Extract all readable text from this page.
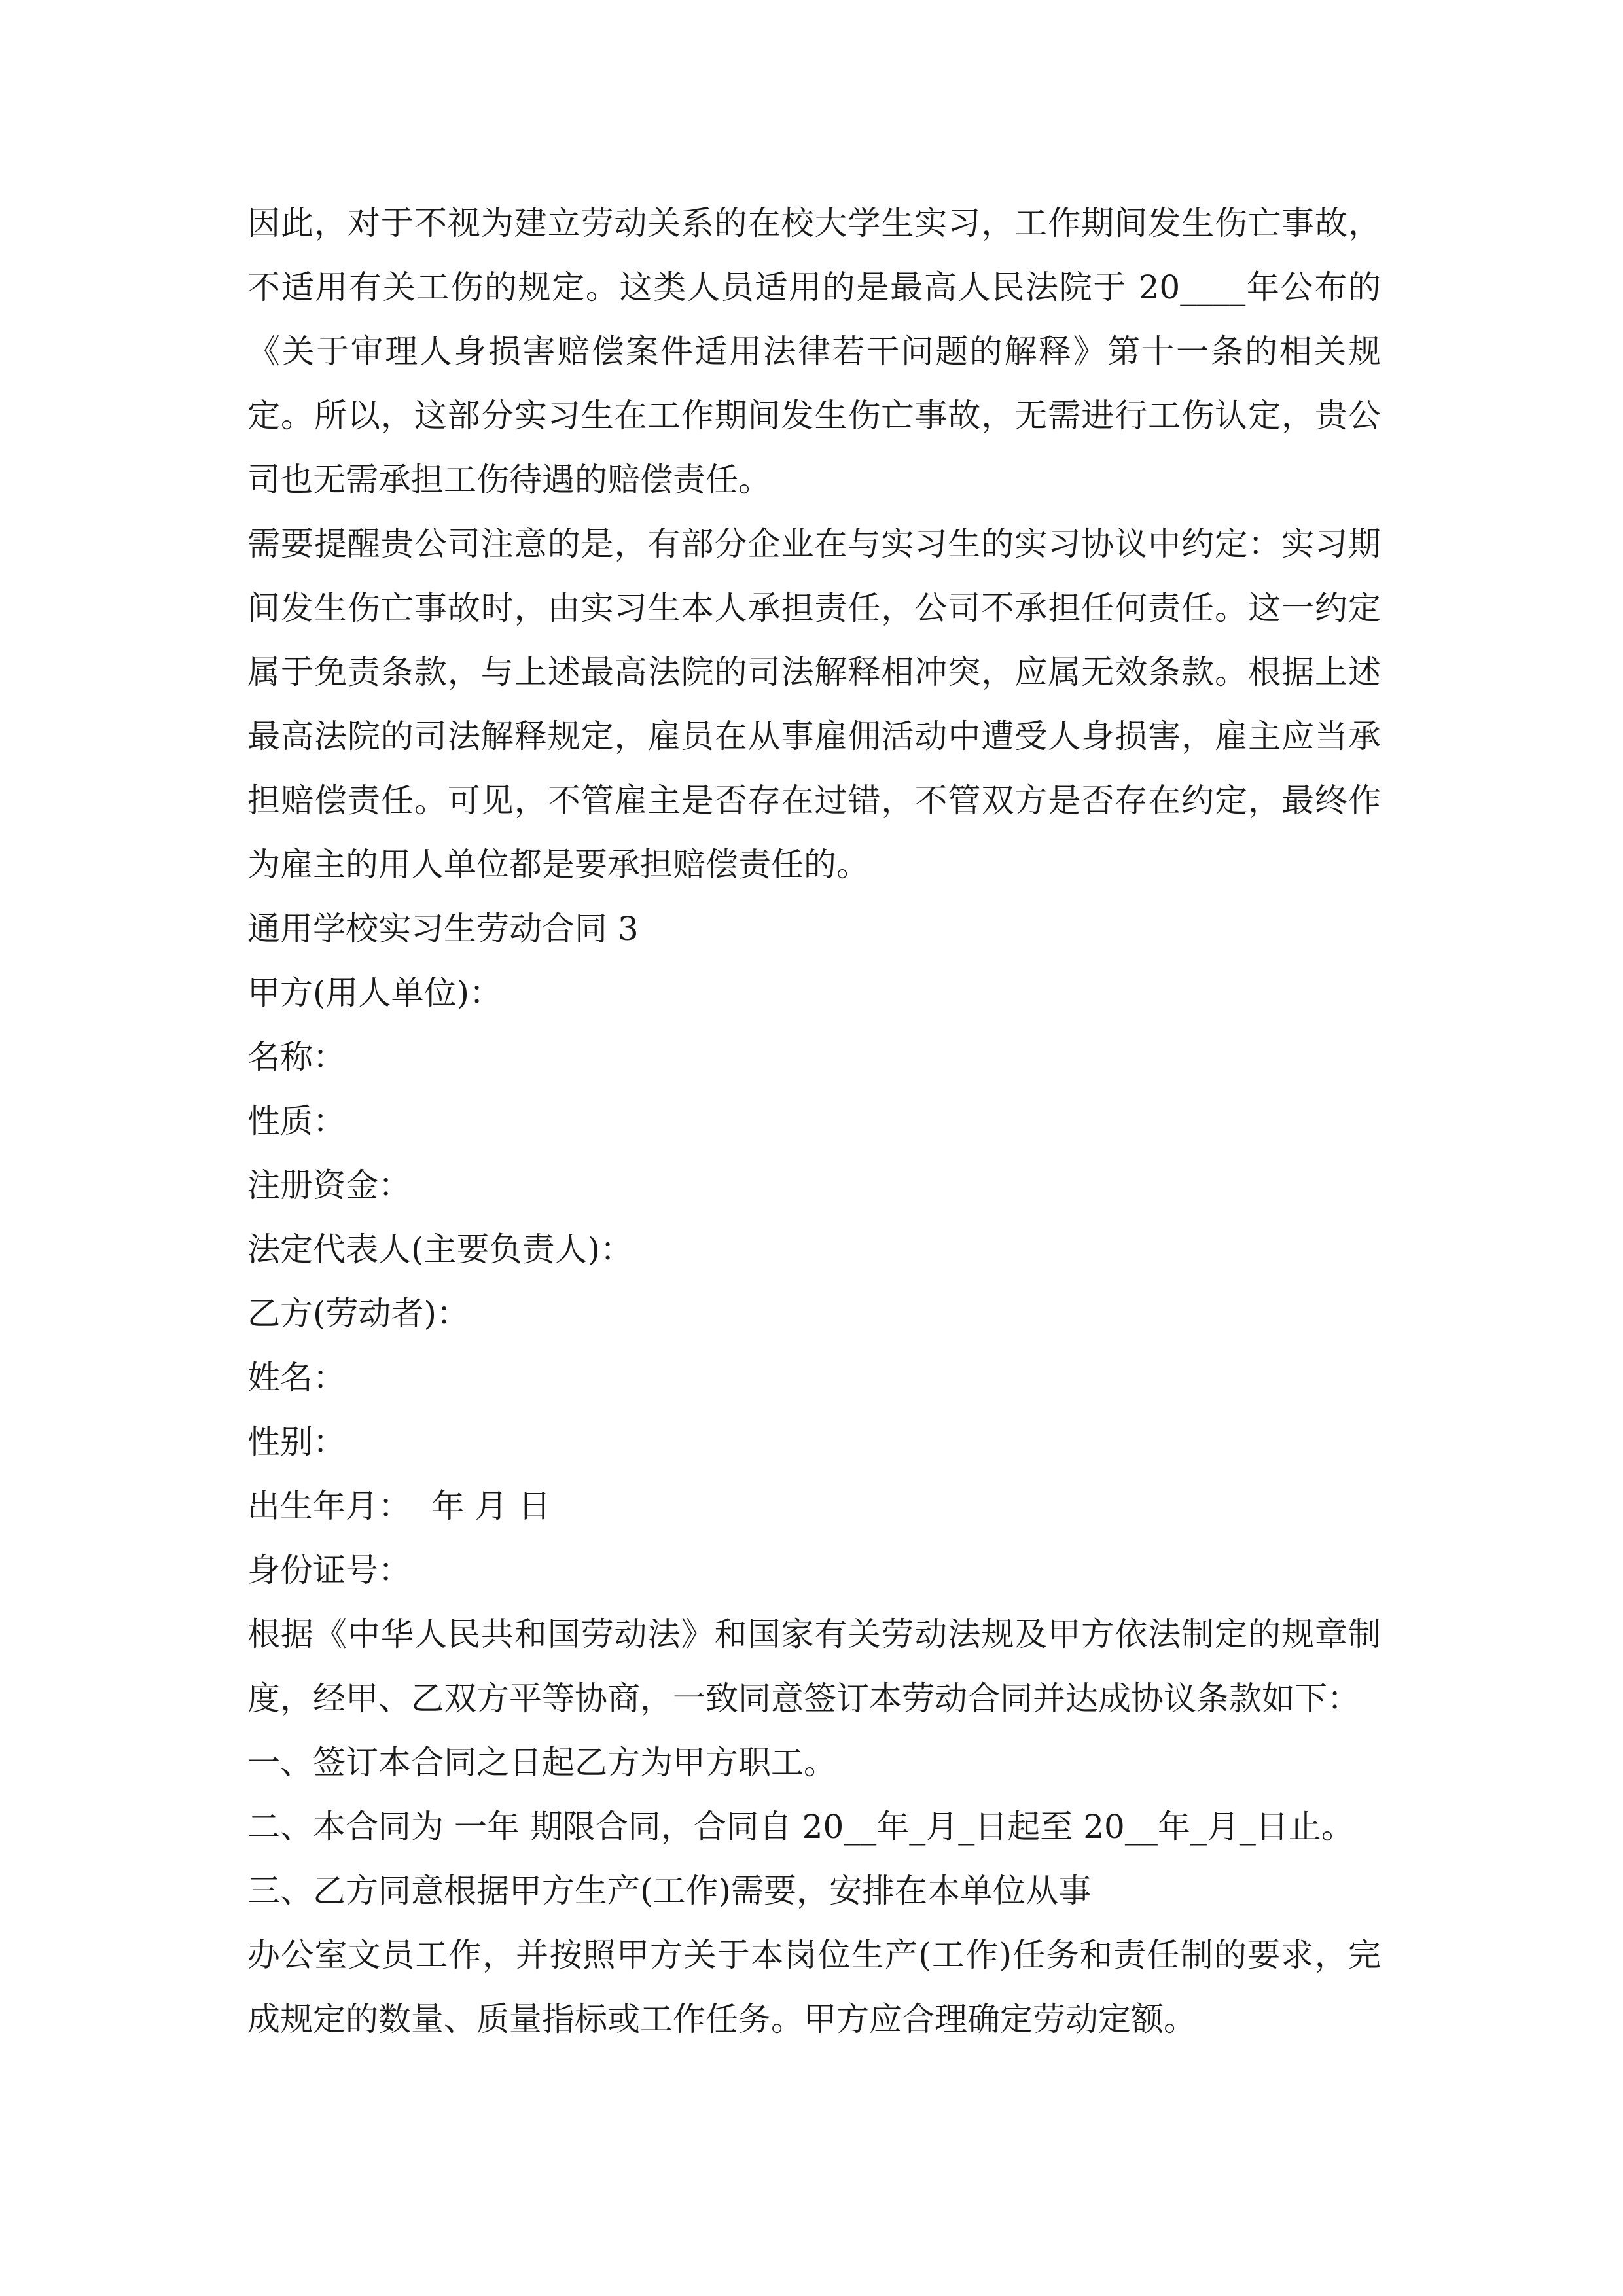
因此，对于不视为建立劳动关系的在校大学生实习，工作期间发生伤亡事故，不适用有关工伤的规定。这类人员适用的是最高人民法院于 20____年公布的《关于审理人身损害赔偿案件适用法律若干问题的解释》第十一条的相关规定。所以，这部分实习生在工作期间发生伤亡事故，无需进行工伤认定，贵公司也无需承担工伤待遇的赔偿责任。

需要提醒贵公司注意的是，有部分企业在与实习生的实习协议中约定：实习期间发生伤亡事故时，由实习生本人承担责任，公司不承担任何责任。这一约定属于免责条款，与上述最高法院的司法解释相冲突，应属无效条款。根据上述最高法院的司法解释规定，雇员在从事雇佣活动中遭受人身损害，雇主应当承担赔偿责任。可见，不管雇主是否存在过错，不管双方是否存在约定，最终作为雇主的用人单位都是要承担赔偿责任的。

通用学校实习生劳动合同 3

甲方(用人单位)：

名称：

性质：

注册资金：

法定代表人(主要负责人)：

乙方(劳动者)：

姓名：

性别：

出生年月：  年 月 日

身份证号：

根据《中华人民共和国劳动法》和国家有关劳动法规及甲方依法制定的规章制度，经甲、乙双方平等协商，一致同意签订本劳动合同并达成协议条款如下：

一、签订本合同之日起乙方为甲方职工。

二、本合同为 一年 期限合同，合同自 20__年_月_日起至 20__年_月_日止。

三、乙方同意根据甲方生产(工作)需要，安排在本单位从事

办公室文员工作，并按照甲方关于本岗位生产(工作)任务和责任制的要求，完成规定的数量、质量指标或工作任务。甲方应合理确定劳动定额。
